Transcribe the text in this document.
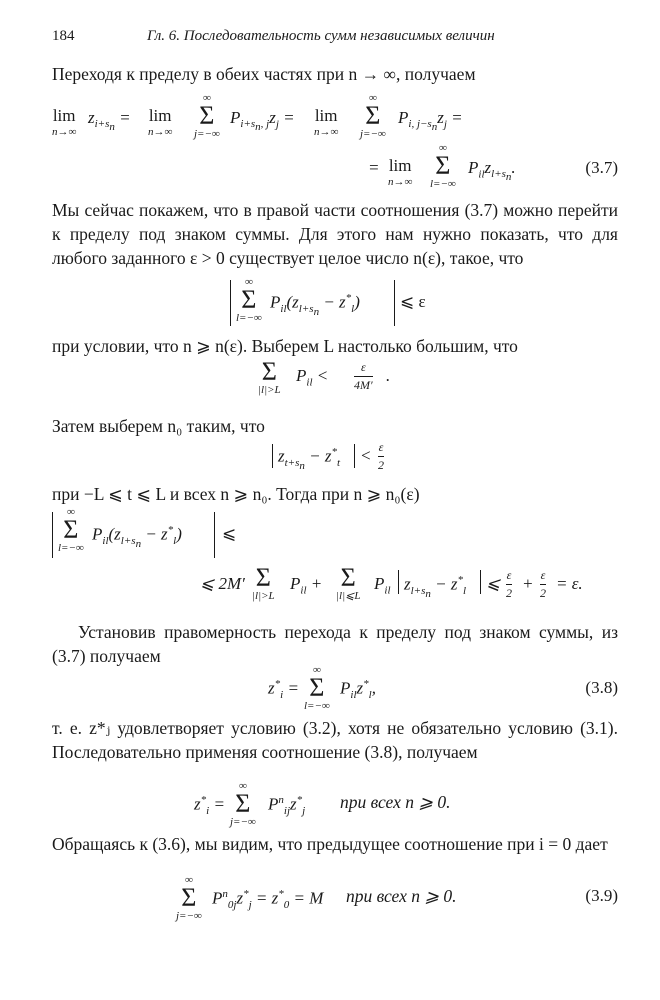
184	Гл. 6. Последовательность сумм независимых величин
Переходя к пределу в обеих частях при n → ∞, получаем
lim
n→∞
$z_{i+s_n} = \lim$
n→∞
∞
Σ
j=−∞
$P_{i+s_n, j}z_j = \lim$
n→∞
∞
Σ
j=−∞
$P_{i, j-s_n}z_j$ =
= lim
n→∞
∞
Σ
l=−∞
$P_{il}z_{l+s_n}$.	(3.7)
Мы сейчас покажем, что в правой части соотношения (3.7) можно перейти к пределу под знаком суммы. Для этого нам нужно показать, что для любого заданного ε > 0 существует целое число n(ε), такое, что
∞
Σ
l=−∞
$P_{il}(z_{l+s_n} - z^*_l)$ ⩽ ε
при условии, что n ⩾ n(ε). Выберем L настолько большим, что
Σ
|l|>L
$P_{il}$ <	ε
4M′ .
Затем выберем n₀ таким, что
$z_{t+s_n} - z^*_t < \varepsilon$
2
при −L ⩽ t ⩽ L и всех n ⩾ n₀. Тогда при n ⩾ n₀(ε)
∞
Σ
l=−∞
$P_{il}(z_{l+s_n} - z^*_l)$ ⩽
⩽ 2M′ Σ
|l|>L
$P_{il} + \Sigma$
|l|⩽L
$P_{il}$ $z_{l+s_n} - z^*_l$ ⩽ ε
2 + ε
2 = ε.
Установив правомерность перехода к пределу под знаком суммы, из (3.7) получаем
$z^*_i$ =
∞
Σ
l=−∞
$P_{il}z^*_l$,	(3.8)
т. е. z*ⱼ удовлетворяет условию (3.2), хотя не обязательно условию (3.1). Последовательно применяя соотношение (3.8), получаем
$z^*_i$ =
∞
Σ
j=−∞
$P^n_{ij}z^*_j$ при всех n ⩾ 0.
Обращаясь к (3.6), мы видим, что предыдущее соотношение при i = 0 дает
∞
Σ
j=−∞
$P^n_{0j}z^*_j = z^*_0 = M$ при всех n ⩾ 0.	(3.9)
